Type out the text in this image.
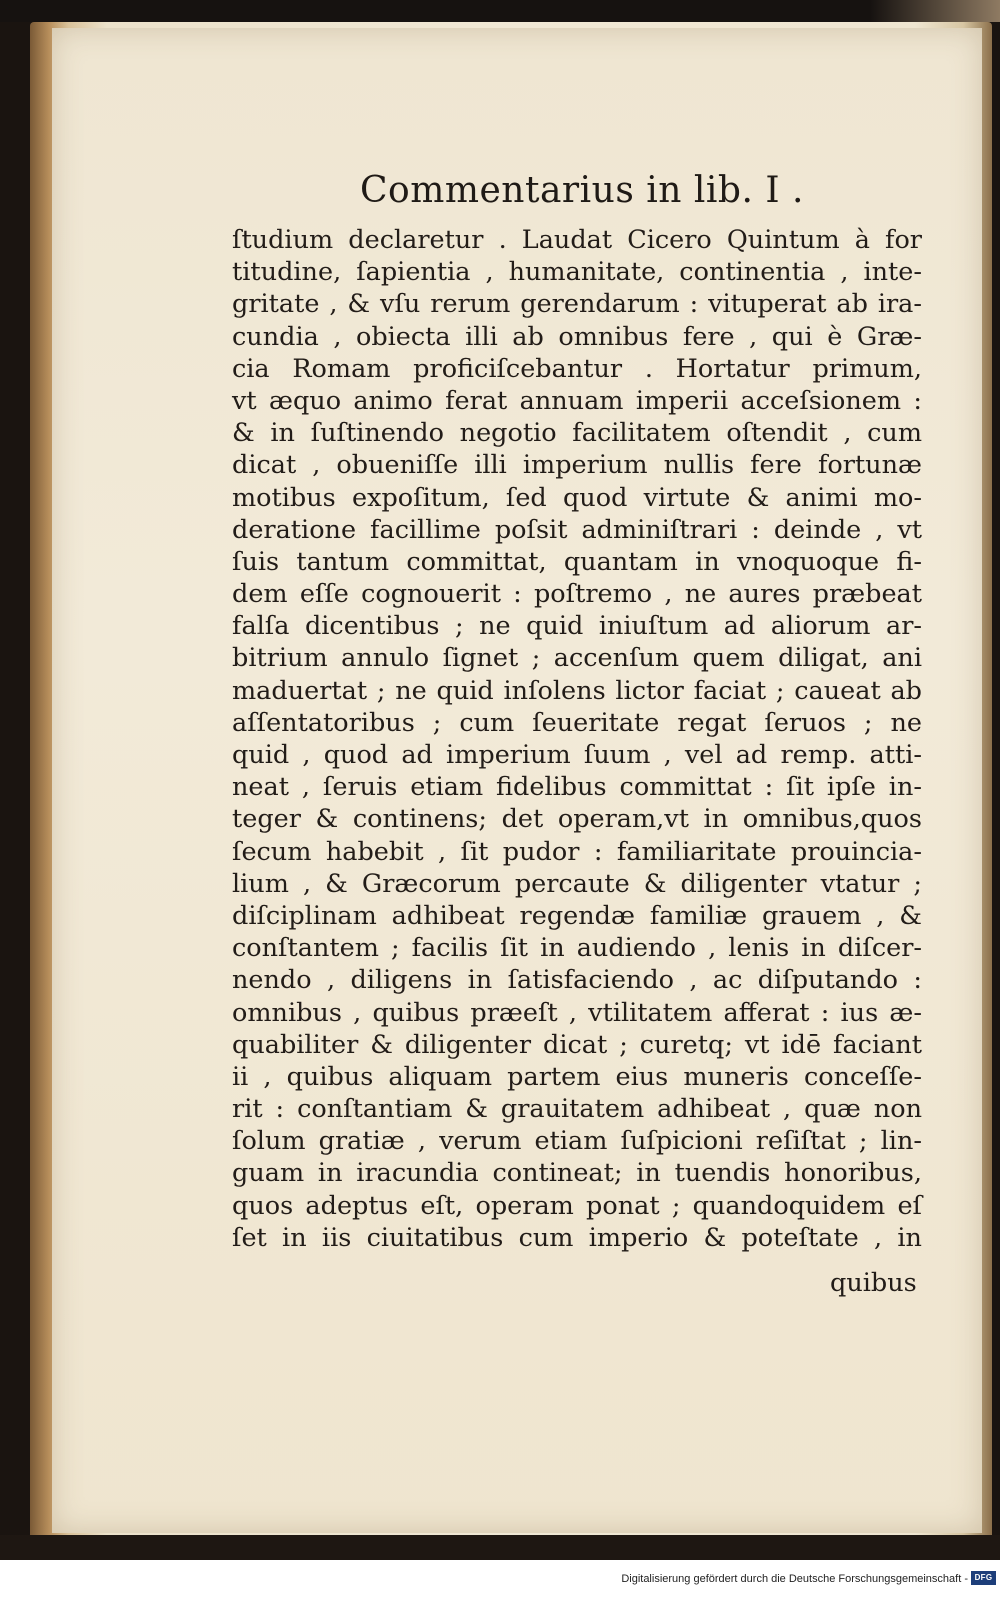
Commentarius in lib. I .
ſtudium declaretur . Laudat Cicero Quintum à for
titudine, ſapientia , humanitate, continentia , inte-
gritate , & vſu rerum gerendarum : vituperat ab ira-
cundia , obiecta illi ab omnibus fere , qui è Græ-
cia Romam proficiſcebantur . Hortatur primum,
vt æquo animo ferat annuam imperii acceſsionem :
& in ſuſtinendo negotio facilitatem oſtendit , cum
dicat , obueniſſe illi imperium nullis fere fortunæ
motibus expoſitum, ſed quod virtute & animi mo-
deratione facillime poſsit adminiſtrari : deinde , vt
ſuis tantum committat, quantam in vnoquoque fi-
dem eſſe cognouerit : poſtremo , ne aures præbeat
falſa dicentibus ; ne quid iniuſtum ad aliorum ar-
bitrium annulo ſignet ; accenſum quem diligat, ani
maduertat ; ne quid inſolens lictor faciat ; caueat ab
aſſentatoribus ; cum ſeueritate regat ſeruos ; ne
quid , quod ad imperium ſuum , vel ad remp. atti-
neat , ſeruis etiam fidelibus committat : ſit ipſe in-
teger & continens; det operam,vt in omnibus,quos
ſecum habebit , ſit pudor : familiaritate prouincia-
lium , & Græcorum percaute & diligenter vtatur ;
diſciplinam adhibeat regendæ familiæ grauem , &
conſtantem ; facilis ſit in audiendo , lenis in diſcer-
nendo , diligens in ſatisfaciendo , ac diſputando :
omnibus , quibus præeſt , vtilitatem afferat : ius æ-
quabiliter & diligenter dicat ; curetq; vt idē faciant
ii , quibus aliquam partem eius muneris conceſſe-
rit : conſtantiam & grauitatem adhibeat , quæ non
ſolum gratiæ , verum etiam ſuſpicioni reſiſtat ; lin-
guam in iracundia contineat; in tuendis honoribus,
quos adeptus eſt, operam ponat ; quandoquidem eſ
ſet in iis ciuitatibus cum imperio & poteſtate , in
quibus
Digitalisierung gefördert durch die Deutsche Forschungsgemeinschaft - DFG
